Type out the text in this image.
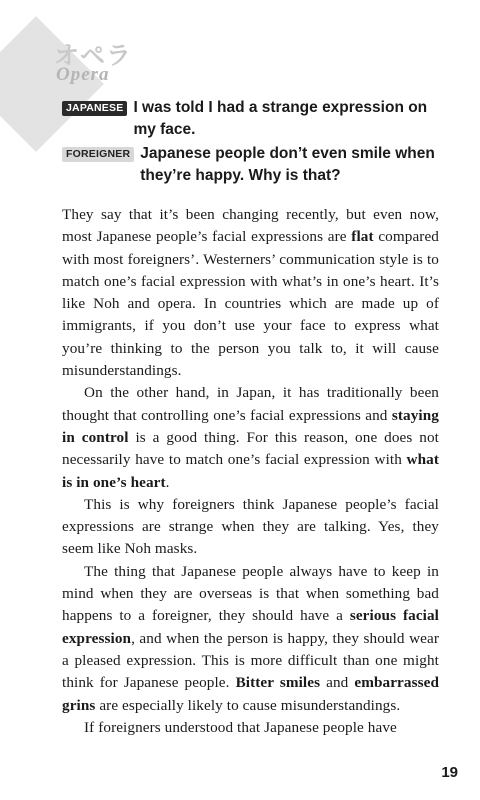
オペラ
Opera
JAPANESE I was told I had a strange expression on my face.
FOREIGNER Japanese people don’t even smile when they’re happy. Why is that?

They say that it’s been changing recently, but even now, most Japanese people’s facial expressions are flat compared with most foreigners’. Westerners’ communication style is to match one’s facial expression with what’s in one’s heart. It’s like Noh and opera. In countries which are made up of immigrants, if you don’t use your face to express what you’re thinking to the person you talk to, it will cause misunderstandings.

On the other hand, in Japan, it has traditionally been thought that controlling one’s facial expressions and staying in control is a good thing. For this reason, one does not necessarily have to match one’s facial expression with what is in one’s heart.

This is why foreigners think Japanese people’s facial expressions are strange when they are talking. Yes, they seem like Noh masks.

The thing that Japanese people always have to keep in mind when they are overseas is that when something bad happens to a foreigner, they should have a serious facial expression, and when the person is happy, they should wear a pleased expression. This is more difficult than one might think for Japanese people. Bitter smiles and embarrassed grins are especially likely to cause misunderstandings.

If foreigners understood that Japanese people have

19
